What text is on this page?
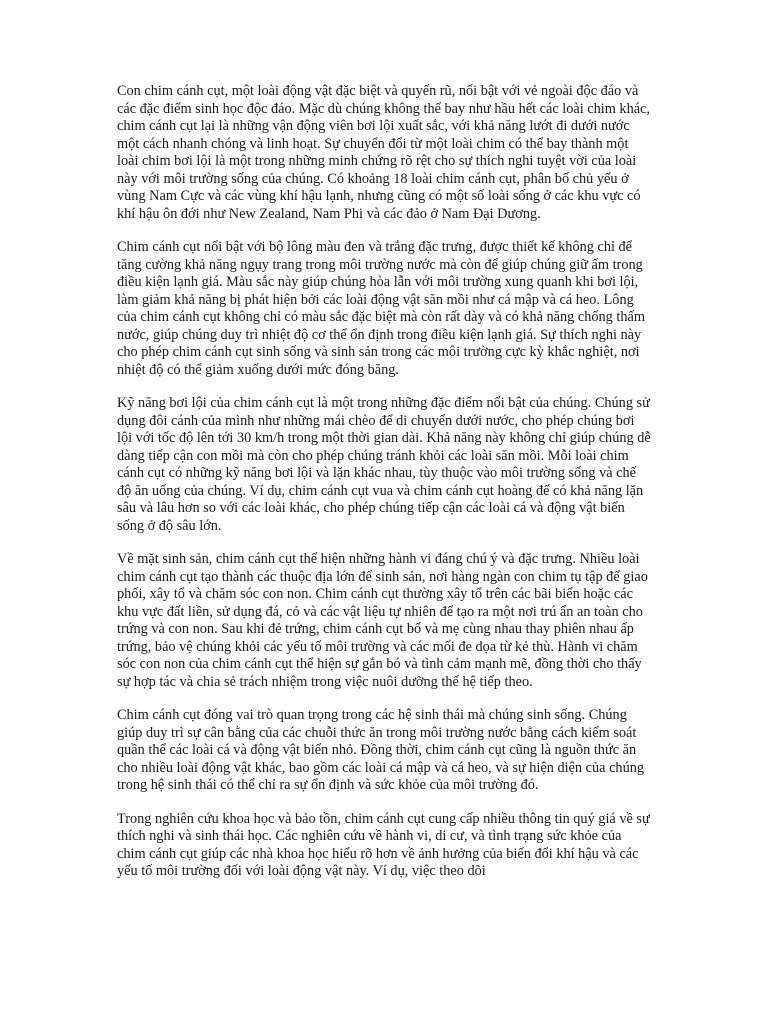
Con chim cánh cụt, một loài động vật đặc biệt và quyến rũ, nổi bật với vẻ ngoài độc đáo và các đặc điểm sinh học độc đáo. Mặc dù chúng không thể bay như hầu hết các loài chim khác, chim cánh cụt lại là những vận động viên bơi lội xuất sắc, với khả năng lướt đi dưới nước một cách nhanh chóng và linh hoạt. Sự chuyển đổi từ một loài chim có thể bay thành một loài chim bơi lội là một trong những minh chứng rõ rệt cho sự thích nghi tuyệt vời của loài này với môi trường sống của chúng. Có khoảng 18 loài chim cánh cụt, phân bố chủ yếu ở vùng Nam Cực và các vùng khí hậu lạnh, nhưng cũng có một số loài sống ở các khu vực có khí hậu ôn đới như New Zealand, Nam Phi và các đảo ở Nam Đại Dương.

Chim cánh cụt nổi bật với bộ lông màu đen và trắng đặc trưng, được thiết kế không chỉ để tăng cường khả năng ngụy trang trong môi trường nước mà còn để giúp chúng giữ ấm trong điều kiện lạnh giá. Màu sắc này giúp chúng hòa lẫn với môi trường xung quanh khi bơi lội, làm giảm khả năng bị phát hiện bởi các loài động vật săn mồi như cá mập và cá heo. Lông của chim cánh cụt không chỉ có màu sắc đặc biệt mà còn rất dày và có khả năng chống thấm nước, giúp chúng duy trì nhiệt độ cơ thể ổn định trong điều kiện lạnh giá. Sự thích nghi này cho phép chim cánh cụt sinh sống và sinh sản trong các môi trường cực kỳ khắc nghiệt, nơi nhiệt độ có thể giảm xuống dưới mức đóng băng.

Kỹ năng bơi lội của chim cánh cụt là một trong những đặc điểm nổi bật của chúng. Chúng sử dụng đôi cánh của mình như những mái chèo để di chuyển dưới nước, cho phép chúng bơi lội với tốc độ lên tới 30 km/h trong một thời gian dài. Khả năng này không chỉ giúp chúng dễ dàng tiếp cận con mồi mà còn cho phép chúng tránh khỏi các loài săn mồi. Mỗi loài chim cánh cụt có những kỹ năng bơi lội và lặn khác nhau, tùy thuộc vào môi trường sống và chế độ ăn uống của chúng. Ví dụ, chim cánh cụt vua và chim cánh cụt hoàng đế có khả năng lặn sâu và lâu hơn so với các loài khác, cho phép chúng tiếp cận các loài cá và động vật biển sống ở độ sâu lớn.

Về mặt sinh sản, chim cánh cụt thể hiện những hành vi đáng chú ý và đặc trưng. Nhiều loài chim cánh cụt tạo thành các thuộc địa lớn để sinh sản, nơi hàng ngàn con chim tụ tập để giao phối, xây tổ và chăm sóc con non. Chim cánh cụt thường xây tổ trên các bãi biển hoặc các khu vực đất liền, sử dụng đá, cỏ và các vật liệu tự nhiên để tạo ra một nơi trú ẩn an toàn cho trứng và con non. Sau khi đẻ trứng, chim cánh cụt bố và mẹ cùng nhau thay phiên nhau ấp trứng, bảo vệ chúng khỏi các yếu tố môi trường và các mối đe dọa từ kẻ thù. Hành vi chăm sóc con non của chim cánh cụt thể hiện sự gắn bó và tình cảm mạnh mẽ, đồng thời cho thấy sự hợp tác và chia sẻ trách nhiệm trong việc nuôi dưỡng thế hệ tiếp theo.

Chim cánh cụt đóng vai trò quan trọng trong các hệ sinh thái mà chúng sinh sống. Chúng giúp duy trì sự cân bằng của các chuỗi thức ăn trong môi trường nước bằng cách kiểm soát quần thể các loài cá và động vật biển nhỏ. Đồng thời, chim cánh cụt cũng là nguồn thức ăn cho nhiều loài động vật khác, bao gồm các loài cá mập và cá heo, và sự hiện diện của chúng trong hệ sinh thái có thể chỉ ra sự ổn định và sức khỏe của môi trường đó.

Trong nghiên cứu khoa học và bảo tồn, chim cánh cụt cung cấp nhiều thông tin quý giá về sự thích nghi và sinh thái học. Các nghiên cứu về hành vi, di cư, và tình trạng sức khỏe của chim cánh cụt giúp các nhà khoa học hiểu rõ hơn về ảnh hưởng của biến đổi khí hậu và các yếu tố môi trường đối với loài động vật này. Ví dụ, việc theo dõi
